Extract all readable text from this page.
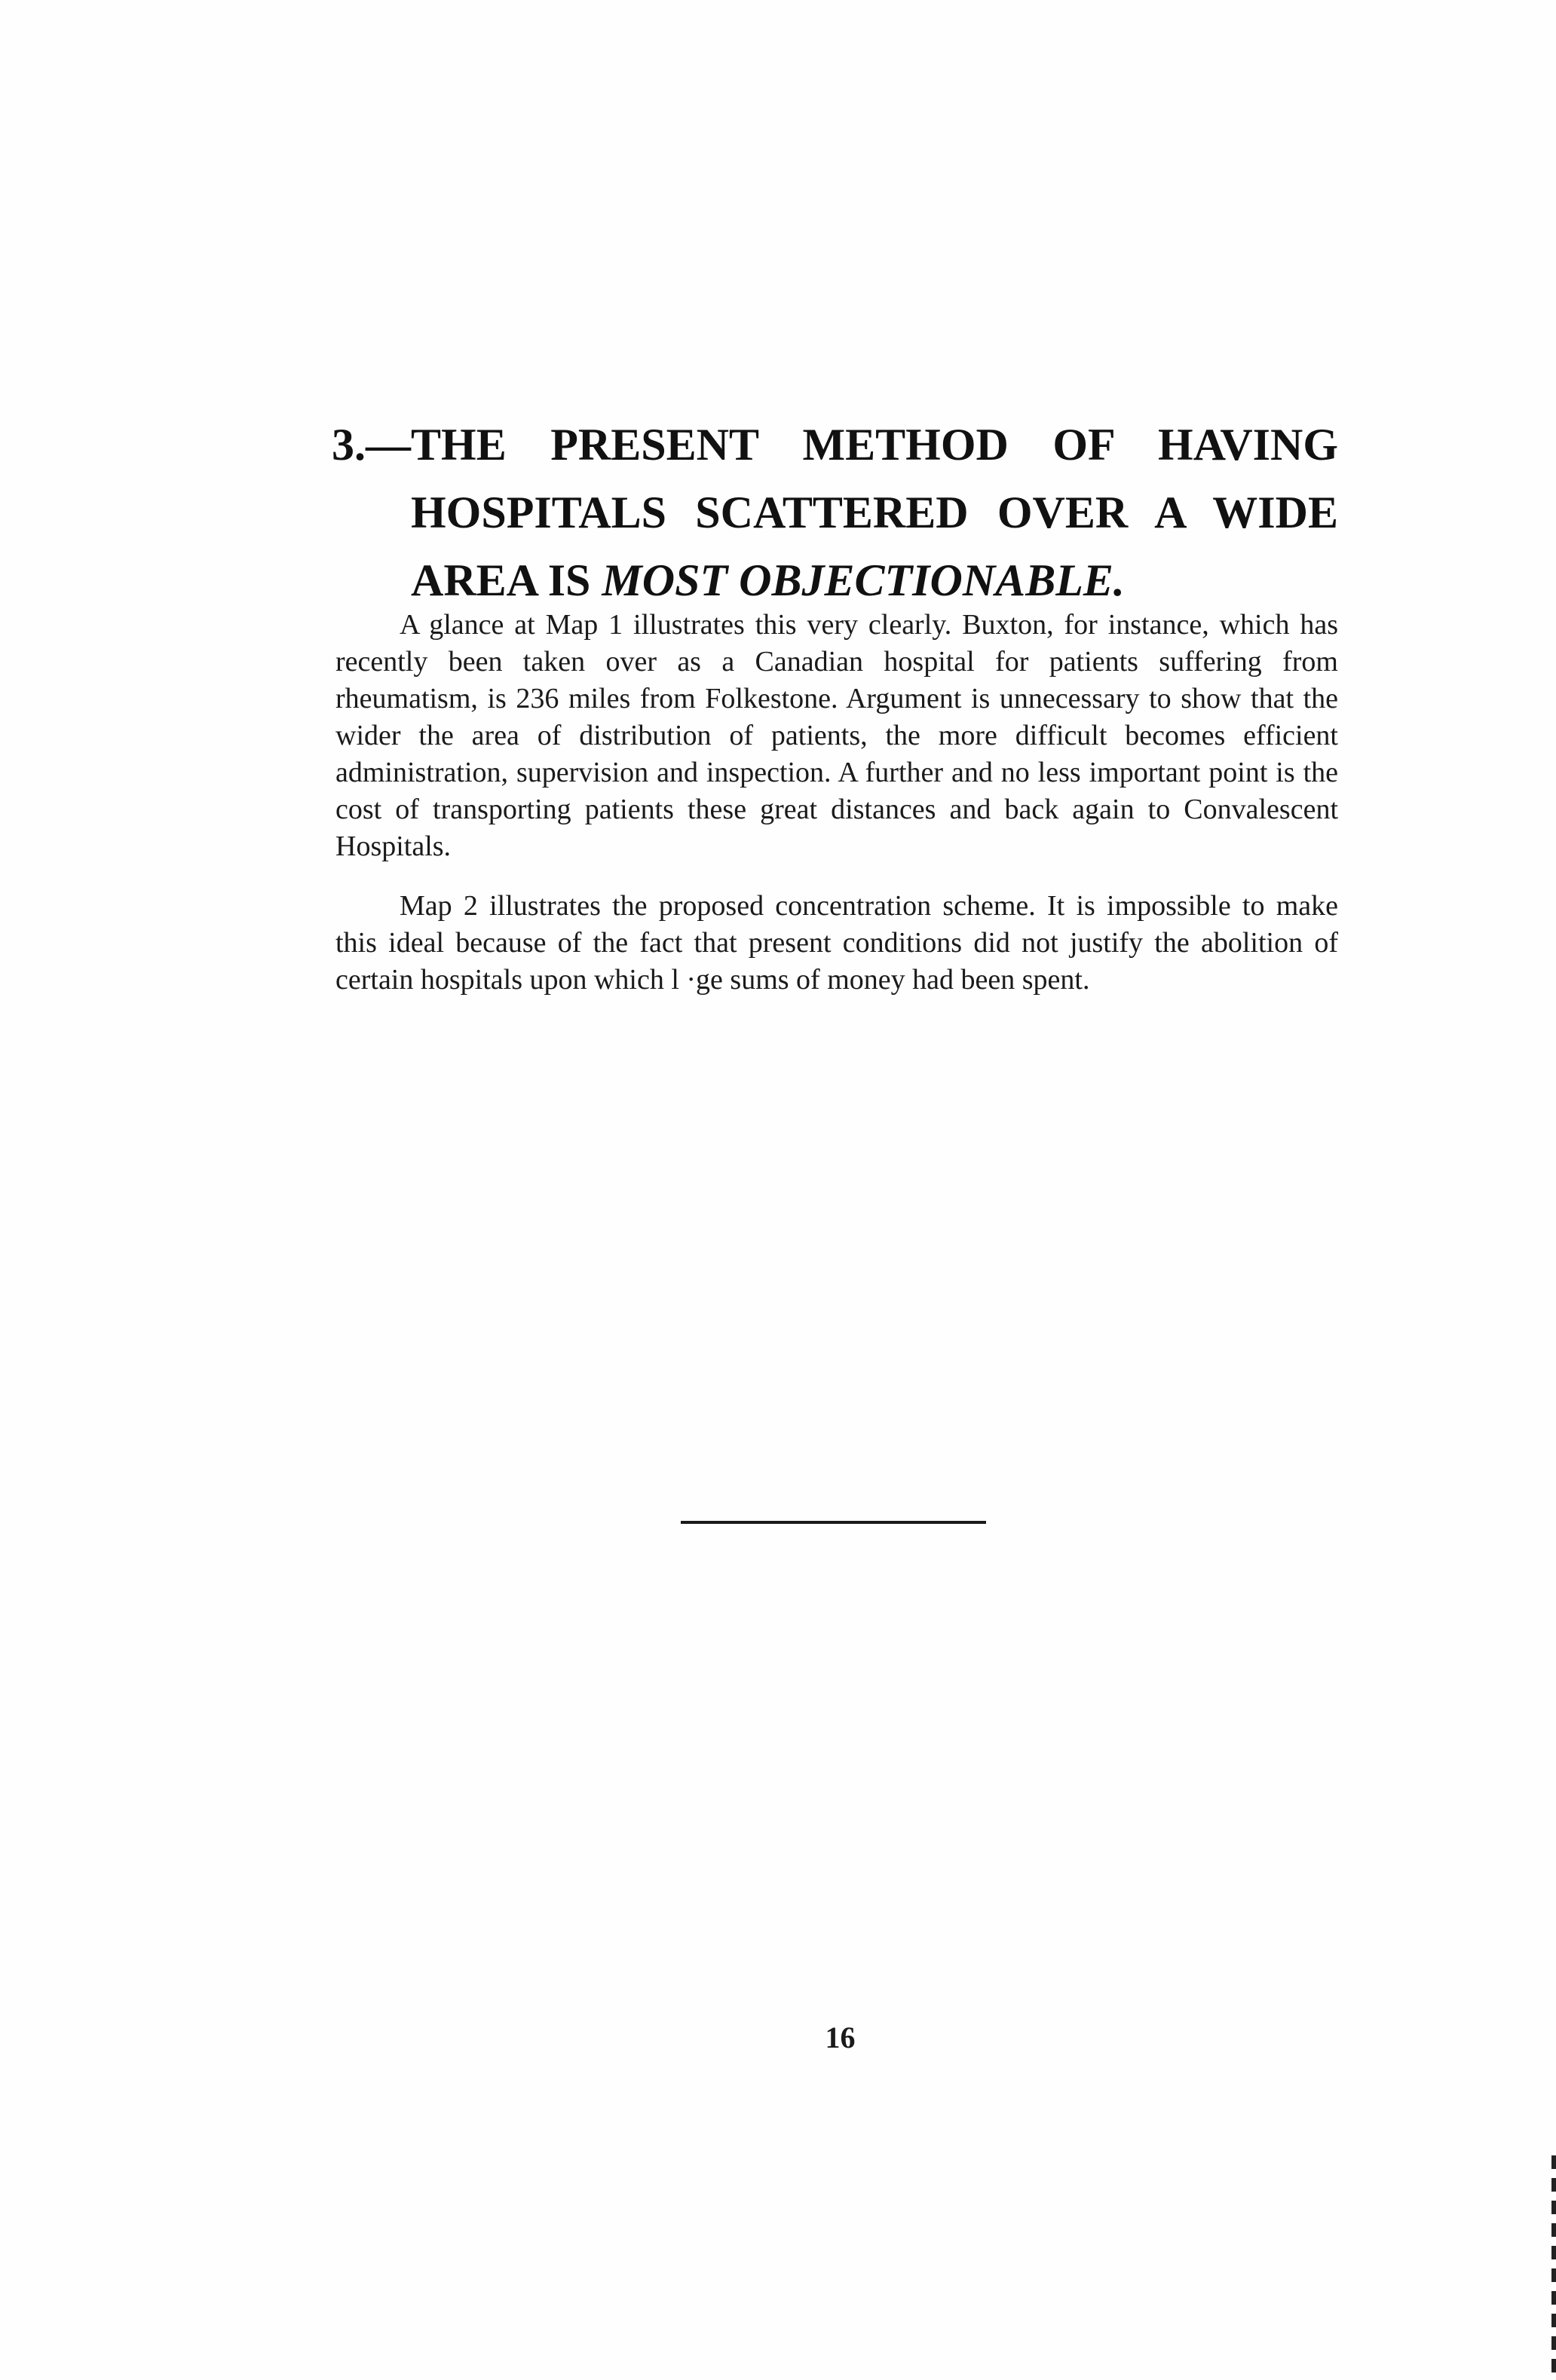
3.— THE PRESENT METHOD OF HAVING
HOSPITALS SCATTERED OVER A WIDE
AREA IS MOST OBJECTIONABLE.

A glance at Map 1 illustrates this very clearly. Buxton, for instance, which has recently been taken over as a Canadian hospital for patients suffering from rheumatism, is 236 miles from Folkestone. Argument is unnecessary to show that the wider the area of distribution of patients, the more difficult becomes efficient administration, supervision and inspection. A further and no less important point is the cost of transporting patients these great distances and back again to Convalescent Hospitals.

Map 2 illustrates the proposed concentration scheme. It is impossible to make this ideal because of the fact that present conditions did not justify the abolition of certain hospitals upon which l ·ge sums of money had been spent.

16
